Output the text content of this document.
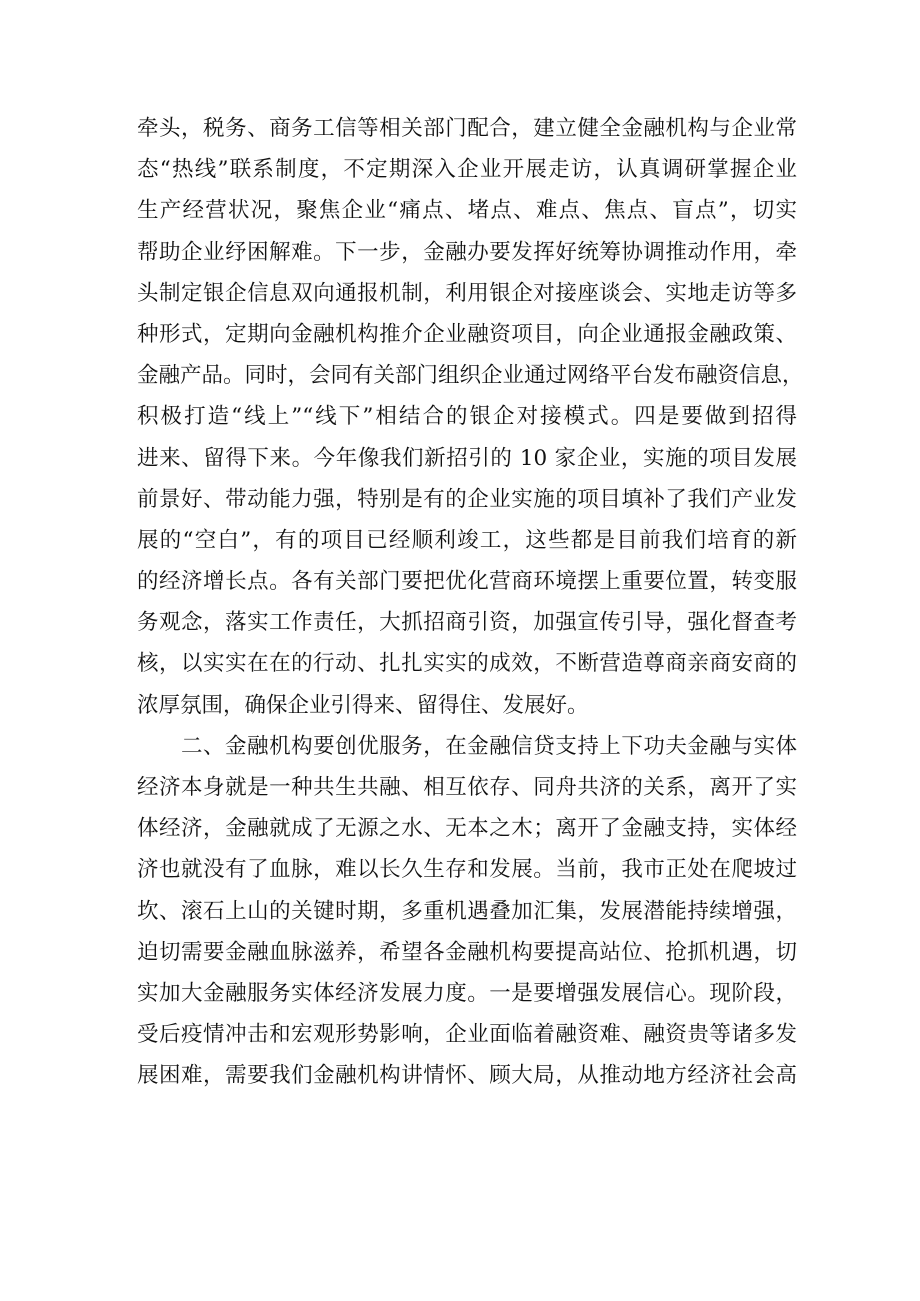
牵头，税务、商务工信等相关部门配合，建立健全金融机构与企业常
态“热线”联系制度，不定期深入企业开展走访，认真调研掌握企业
生产经营状况，聚焦企业“痛点、堵点、难点、焦点、盲点”，切实
帮助企业纾困解难。下一步，金融办要发挥好统筹协调推动作用，牵
头制定银企信息双向通报机制，利用银企对接座谈会、实地走访等多
种形式，定期向金融机构推介企业融资项目，向企业通报金融政策、
金融产品。同时，会同有关部门组织企业通过网络平台发布融资信息，
积极打造“线上”“线下”相结合的银企对接模式。四是要做到招得
进来、留得下来。今年像我们新招引的 10 家企业，实施的项目发展
前景好、带动能力强，特别是有的企业实施的项目填补了我们产业发
展的“空白”，有的项目已经顺利竣工，这些都是目前我们培育的新
的经济增长点。各有关部门要把优化营商环境摆上重要位置，转变服
务观念，落实工作责任，大抓招商引资，加强宣传引导，强化督查考
核，以实实在在的行动、扎扎实实的成效，不断营造尊商亲商安商的
浓厚氛围，确保企业引得来、留得住、发展好。
二、金融机构要创优服务，在金融信贷支持上下功夫金融与实体
经济本身就是一种共生共融、相互依存、同舟共济的关系，离开了实
体经济，金融就成了无源之水、无本之木；离开了金融支持，实体经
济也就没有了血脉，难以长久生存和发展。当前，我市正处在爬坡过
坎、滚石上山的关键时期，多重机遇叠加汇集，发展潜能持续增强，
迫切需要金融血脉滋养，希望各金融机构要提高站位、抢抓机遇，切
实加大金融服务实体经济发展力度。一是要增强发展信心。现阶段，
受后疫情冲击和宏观形势影响，企业面临着融资难、融资贵等诸多发
展困难，需要我们金融机构讲情怀、顾大局，从推动地方经济社会高
